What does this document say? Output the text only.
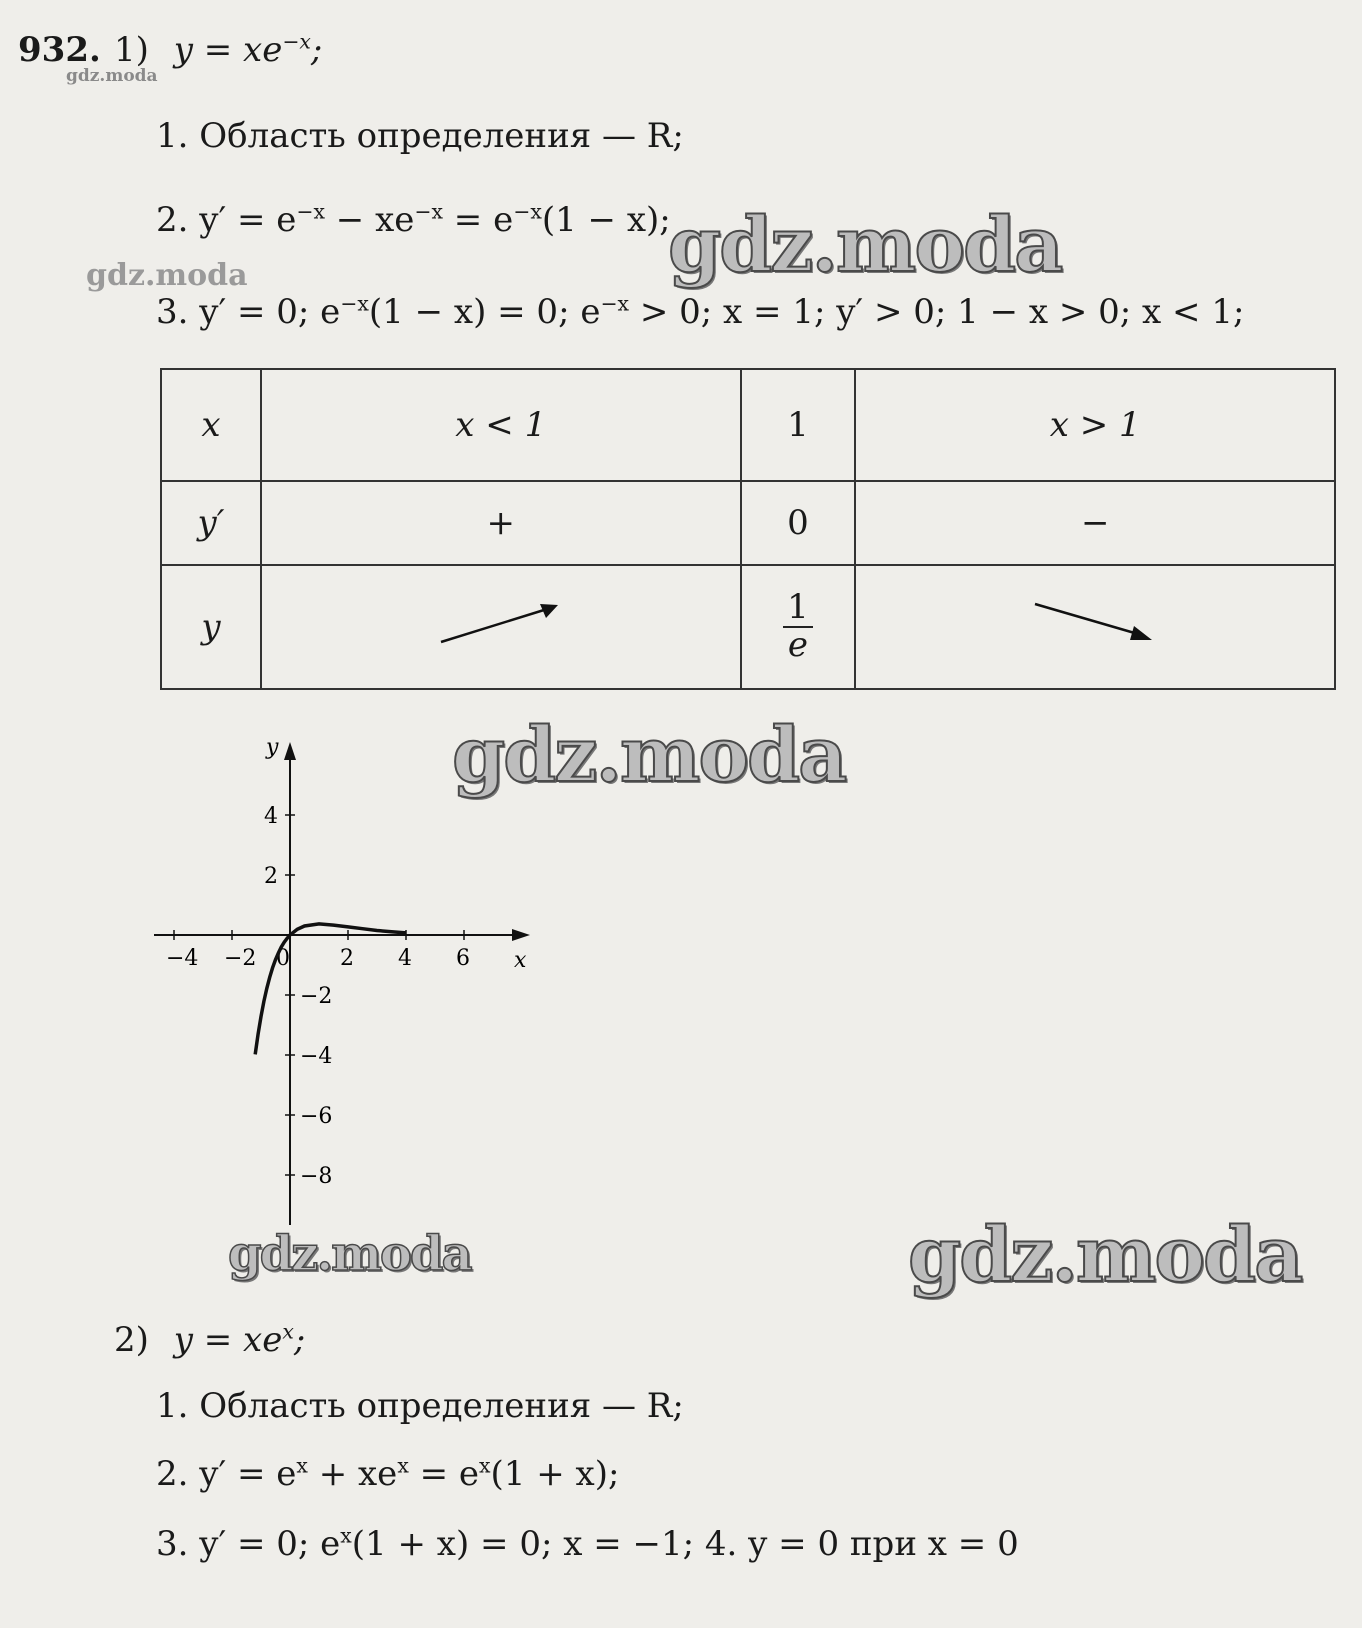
932. 1) $y = xe^{-x}$;
gdz.moda
1. Область определения — R;
2. $y' = e^{-x} - xe^{-x} = e^{-x}(1 - x)$;
gdz.moda
gdz.moda
3. y′ = 0; $e^{-x}(1 - x) = 0$; $e^{-x} > 0$; x = 1; y′ > 0; 1 − x > 0; x < 1;
x	x < 1	1	x > 1
y′	+	0	−
y		$\frac{1}{e}$

gdz.moda
x
y
−4 −2 0 2 4 6
4
2
−2
−4
−6
−8
gdz.moda	gdz.moda
2) $y = xe^x$;
1. Область определения — R;
2. $y' = e^x + xe^x = e^x(1 + x)$;
3. y′ = 0; $e^x(1 + x) = 0$; x = −1; 4. y = 0 при x = 0
